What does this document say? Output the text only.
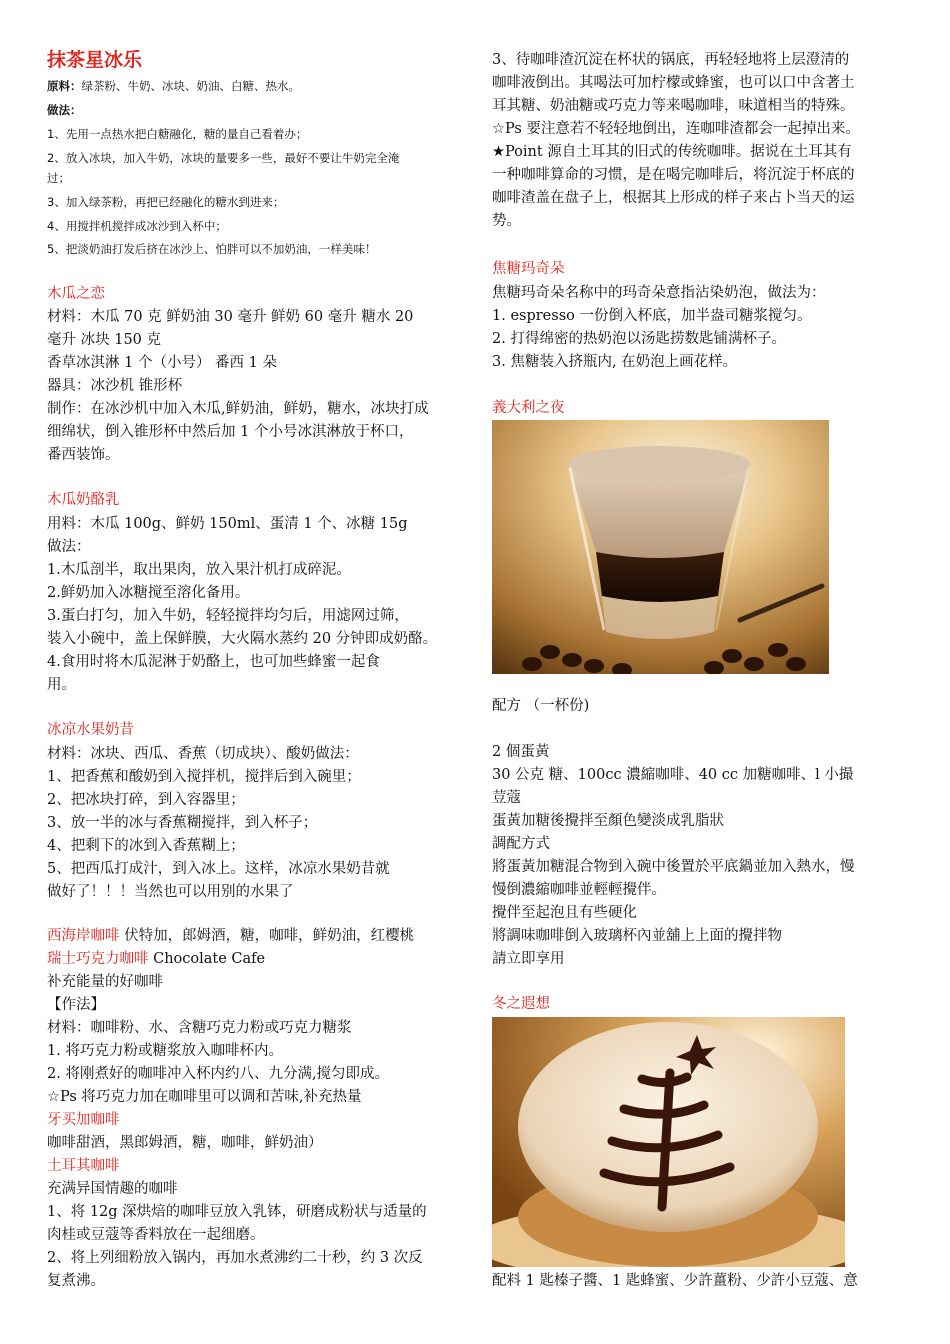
抹茶星冰乐
原料：绿茶粉、牛奶、冰块、奶油、白糖、热水。
做法：
1、先用一点热水把白糖融化，糖的量自己看着办；
2、放入冰块，加入牛奶，冰块的量要多一些，最好不要让牛奶完全淹
过；
3、加入绿茶粉，再把已经融化的糖水到进来；
4、用搅拌机搅拌成冰沙到入杯中；
5、把淡奶油打发后挤在冰沙上、怕胖可以不加奶油，一样美味！
木瓜之恋
材料：木瓜 70 克 鲜奶油 30 毫升 鲜奶 60 毫升 糖水 20
毫升 冰块 150 克
香草冰淇淋 1 个（小号） 番西 1 朵
器具：冰沙机 锥形杯
制作：在冰沙机中加入木瓜,鲜奶油，鲜奶，糖水，冰块打成
细绵状，倒入锥形杯中然后加 1 个小号冰淇淋放于杯口，
番西装饰。
木瓜奶酪乳
用料：木瓜 100g、鲜奶 150ml、蛋清 1 个、冰糖 15g
做法：
1.木瓜剖半，取出果肉，放入果汁机打成碎泥。
2.鲜奶加入冰糖搅至溶化备用。
3.蛋白打匀，加入牛奶，轻轻搅拌均匀后，用滤网过筛，
装入小碗中，盖上保鲜膜，大火隔水蒸约 20 分钟即成奶酪。
4.食用时将木瓜泥淋于奶酪上，也可加些蜂蜜一起食
用。
冰凉水果奶昔
材料：冰块、西瓜、香蕉（切成块）、酸奶做法：
1、把香蕉和酸奶到入搅拌机，搅拌后到入碗里；
2、把冰块打碎，到入容器里；
3、放一半的冰与香蕉糊搅拌，到入杯子；
4、把剩下的冰到入香蕉糊上；
5、把西瓜打成汁，到入冰上。这样，冰凉水果奶昔就
做好了！！！当然也可以用别的水果了
西海岸咖啡 伏特加，郎姆酒，糖，咖啡，鲜奶油，红樱桃
瑞士巧克力咖啡 Chocolate Cafe
补充能量的好咖啡
【作法】
材料：咖啡粉、水、含糖巧克力粉或巧克力糖浆
1. 将巧克力粉或糖浆放入咖啡杯内。
2. 将刚煮好的咖啡冲入杯内约八、九分满,搅匀即成。
☆Ps 将巧克力加在咖啡里可以调和苦味,补充热量
牙买加咖啡
咖啡甜酒，黑郎姆酒，糖，咖啡，鲜奶油）
土耳其咖啡
充满异国情趣的咖啡
1、将 12g 深烘焙的咖啡豆放入乳钵，研磨成粉状与适量的
肉桂或豆蔻等香料放在一起细磨。
2、将上列细粉放入锅内，再加水煮沸约二十秒，约 3 次反
复煮沸。
3、待咖啡渣沉淀在杯状的锅底，再轻轻地将上层澄清的
咖啡液倒出。其喝法可加柠檬或蜂蜜，也可以口中含著土
耳其糖、奶油糖或巧克力等来喝咖啡，味道相当的特殊。
☆Ps 要注意若不轻轻地倒出，连咖啡渣都会一起掉出来。
★Point 源自土耳其的旧式的传统咖啡。据说在土耳其有
一种咖啡算命的习惯，是在喝完咖啡后，将沉淀于杯底的
咖啡渣盖在盘子上，根据其上形成的样子来占卜当天的运
势。
焦糖玛奇朵
焦糖玛奇朵名称中的玛奇朵意指沾染奶泡，做法为：
1. espresso 一份倒入杯底，加半盎司糖浆搅匀。
2. 打得绵密的热奶泡以汤匙捞数匙铺满杯子。
3. 焦糖装入挤瓶内, 在奶泡上画花样。
義大利之夜
配方 （一杯份)
2 個蛋黃
30 公克 糖、100cc 濃縮咖啡、40 cc 加糖咖啡、l 小撮
荳蔻
蛋黃加糖後攪拌至顏色變淡成乳脂狀
調配方式
將蛋黃加糖混合物到入碗中後置於平底鍋並加入熱水，慢
慢倒濃縮咖啡並輕輕攪伴。
攪伴至起泡且有些硬化
將調味咖啡倒入玻璃杯內並舖上上面的攪拌物
請立即享用
冬之遐想
配料 1 匙榛子醬、1 匙蜂蜜、少許薑粉、少許小豆蔻、意
